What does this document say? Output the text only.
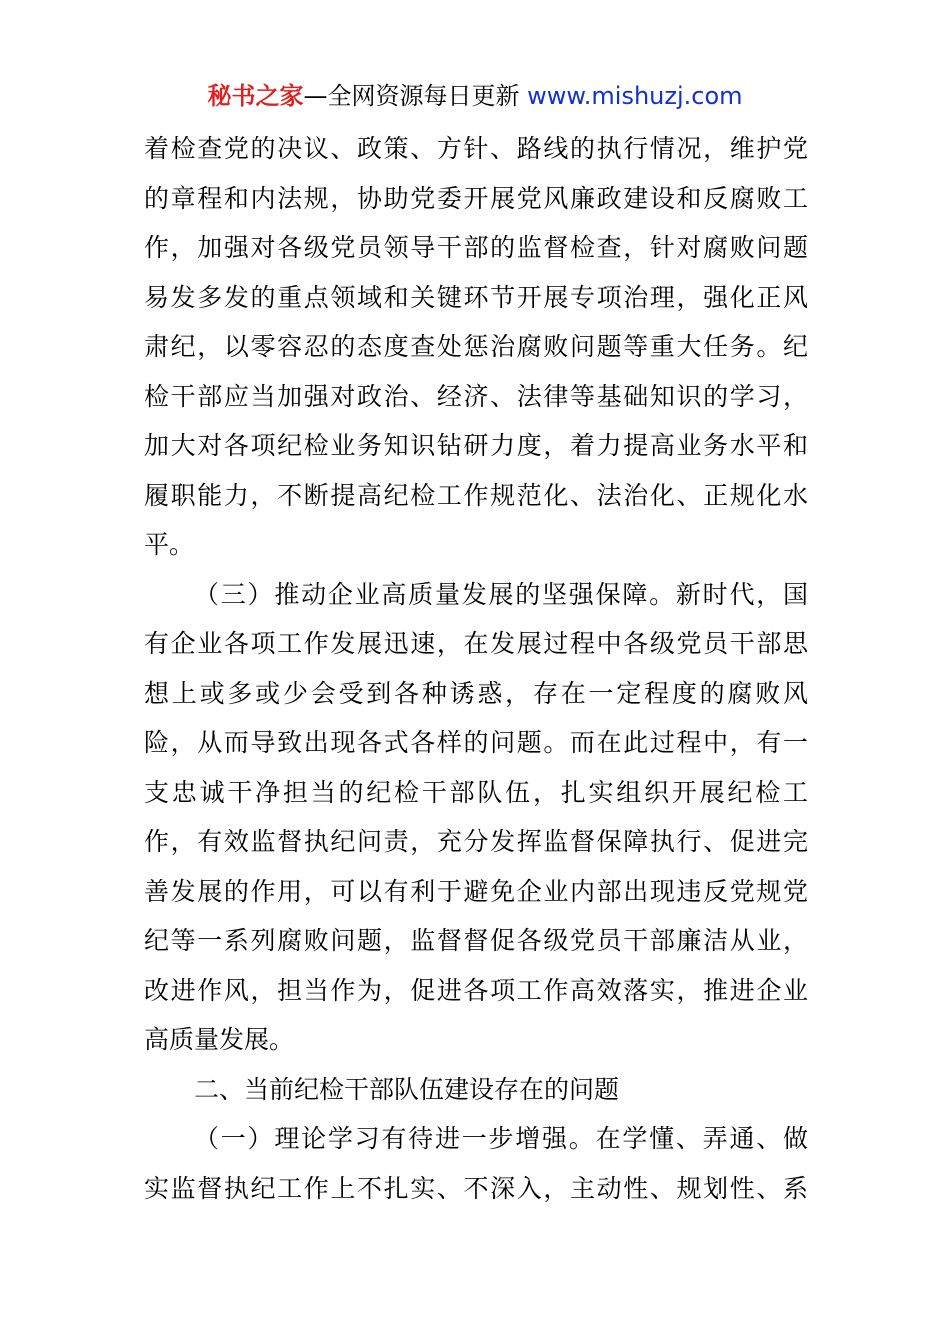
秘书之家—全网资源每日更新 www.mishuzj.com
着检查党的决议、政策、方针、路线的执行情况，维护党
的章程和内法规，协助党委开展党风廉政建设和反腐败工
作，加强对各级党员领导干部的监督检查，针对腐败问题
易发多发的重点领域和关键环节开展专项治理，强化正风
肃纪，以零容忍的态度查处惩治腐败问题等重大任务。纪
检干部应当加强对政治、经济、法律等基础知识的学习，
加大对各项纪检业务知识钻研力度，着力提高业务水平和
履职能力，不断提高纪检工作规范化、法治化、正规化水
平。
（三）推动企业高质量发展的坚强保障。新时代，国
有企业各项工作发展迅速，在发展过程中各级党员干部思
想上或多或少会受到各种诱惑，存在一定程度的腐败风
险，从而导致出现各式各样的问题。而在此过程中，有一
支忠诚干净担当的纪检干部队伍，扎实组织开展纪检工
作，有效监督执纪问责，充分发挥监督保障执行、促进完
善发展的作用，可以有利于避免企业内部出现违反党规党
纪等一系列腐败问题，监督督促各级党员干部廉洁从业，
改进作风，担当作为，促进各项工作高效落实，推进企业
高质量发展。
二、当前纪检干部队伍建设存在的问题
（一）理论学习有待进一步增强。在学懂、弄通、做
实监督执纪工作上不扎实、不深入，主动性、规划性、系
